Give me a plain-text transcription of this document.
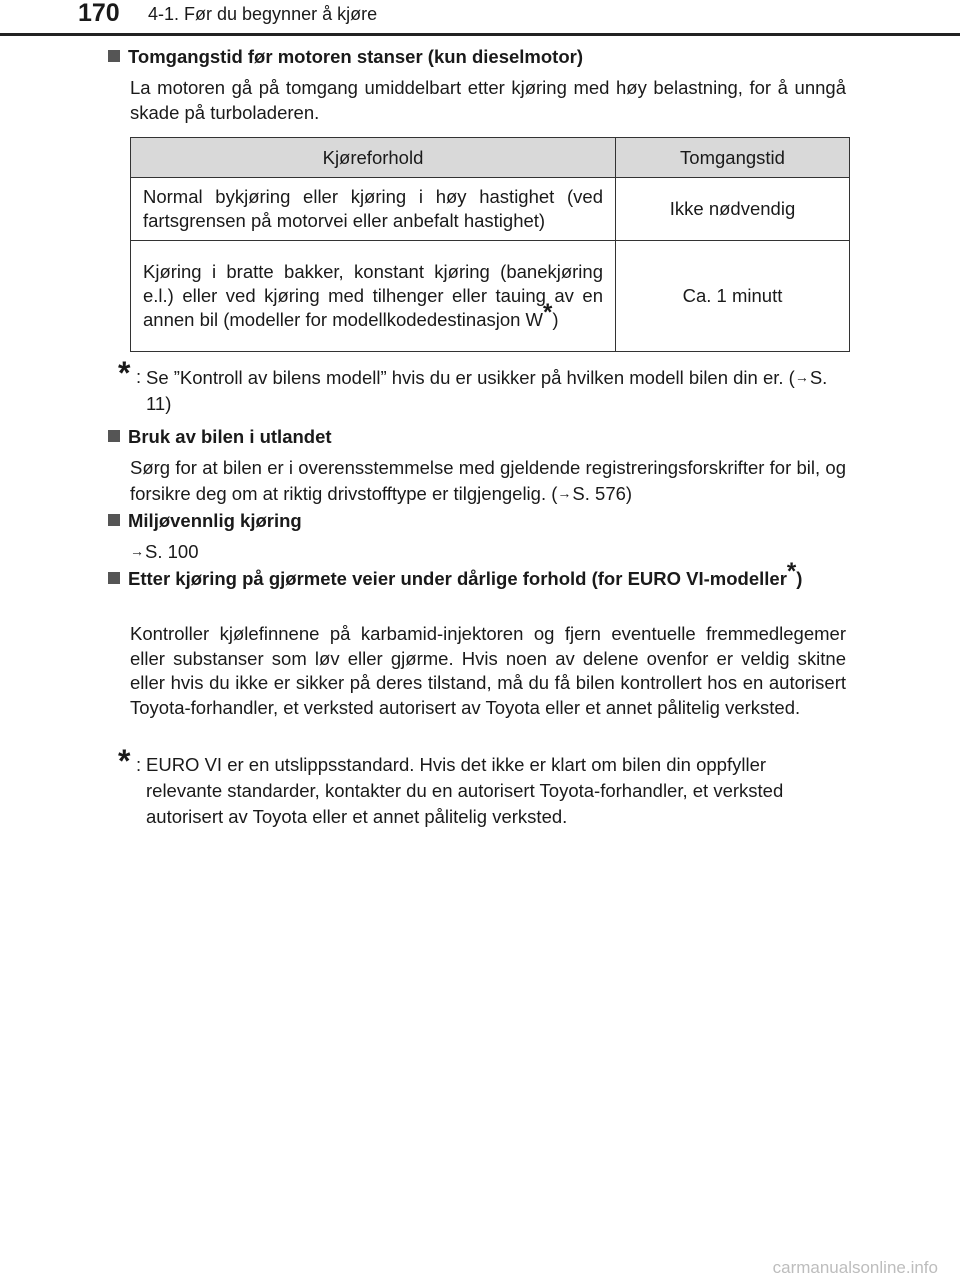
170 4-1. Før du begynner å kjøre
Tomgangstid før motoren stanser (kun dieselmotor)
La motoren gå på tomgang umiddelbart etter kjøring med høy belastning, for å unngå skade på turboladeren.
Kjøreforhold	Tomgangstid
Normal bykjøring eller kjøring i høy hastighet (ved fartsgrensen på motorvei eller anbefalt hastighet)	Ikke nødvendig
Kjøring i bratte bakker, konstant kjøring (banekjøring e.l.) eller ved kjøring med tilhenger eller tauing av en annen bil (modeller for modellkodedestinasjon W*)	Ca. 1 minutt
* : Se ”Kontroll av bilens modell” hvis du er usikker på hvilken modell bilen din er. (→S. 11)
Bruk av bilen i utlandet
Sørg for at bilen er i overensstemmelse med gjeldende registreringsforskrifter for bil, og forsikre deg om at riktig drivstofftype er tilgjengelig. (→S. 576)
Miljøvennlig kjøring
→S. 100
Etter kjøring på gjørmete veier under dårlige forhold (for EURO VI-modeller*)
Kontroller kjølefinnene på karbamid-injektoren og fjern eventuelle fremmedlegemer eller substanser som løv eller gjørme. Hvis noen av delene ovenfor er veldig skitne eller hvis du ikke er sikker på deres tilstand, må du få bilen kontrollert hos en autorisert Toyota-forhandler, et verksted autorisert av Toyota eller et annet pålitelig verksted.
* : EURO VI er en utslippsstandard. Hvis det ikke er klart om bilen din oppfyller relevante standarder, kontakter du en autorisert Toyota-forhandler, et verksted autorisert av Toyota eller et annet pålitelig verksted.
carmanualsonline.info
